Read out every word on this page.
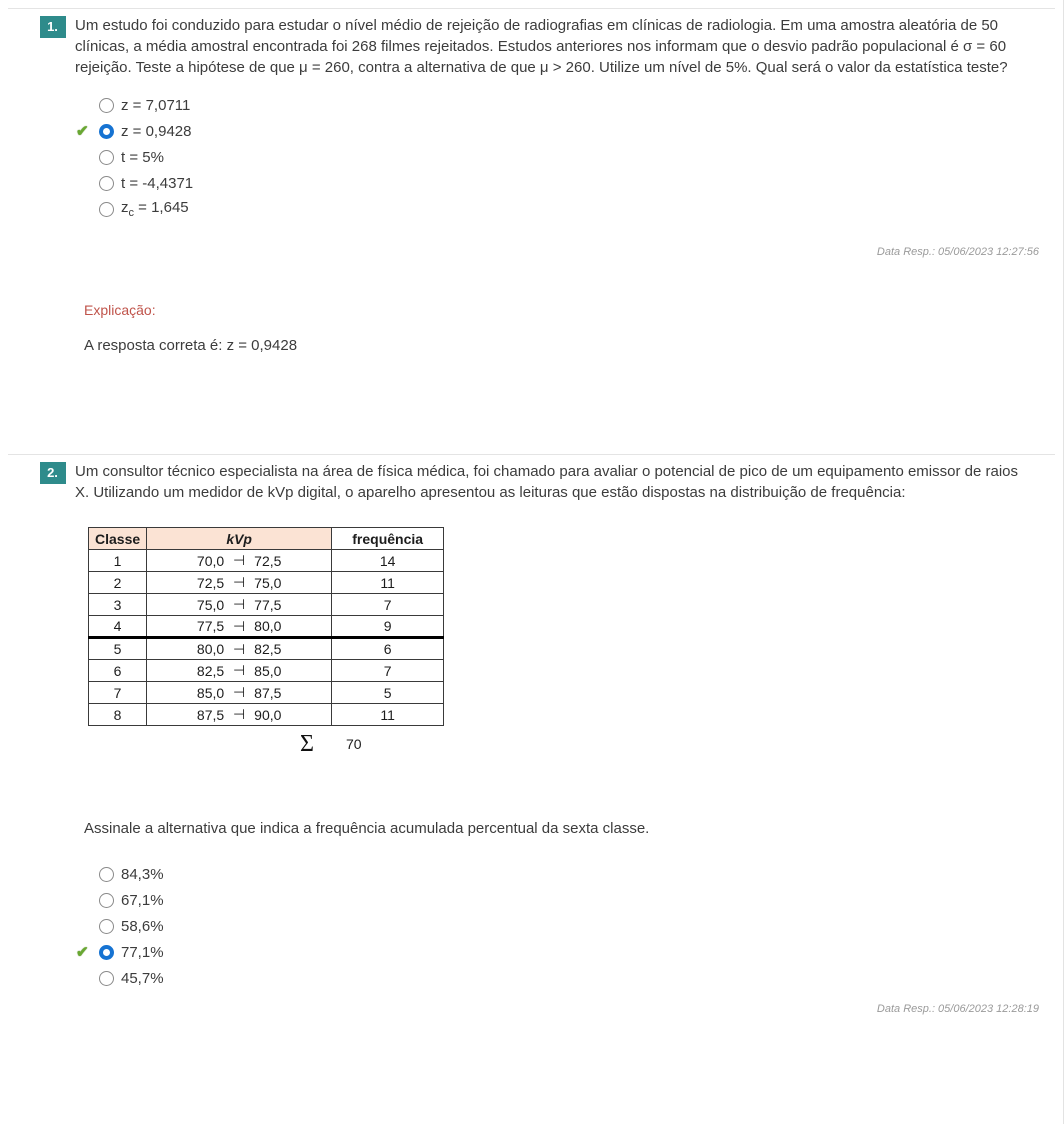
1.	Um estudo foi conduzido para estudar o nível médio de rejeição de radiografias em clínicas de radiologia. Em uma amostra aleatória de 50 clínicas, a média amostral encontrada foi 268 filmes rejeitados. Estudos anteriores nos informam que o desvio padrão populacional é σ = 60 rejeição. Teste a hipótese de que μ = 260, contra a alternativa de que μ > 260. Utilize um nível de 5%. Qual será o valor da estatística teste?

z = 7,0711
✔ z = 0,9428
t = 5%
t = -4,4371
$z_c = 1,645$
Data Resp.: 05/06/2023 12:27:56
Explicação:
A resposta correta é: z = 0,9428
2.	Um consultor técnico especialista na área de física médica, foi chamado para avaliar o potencial de pico de um equipamento emissor de raios X. Utilizando um medidor de kVp digital, o aparelho apresentou as leituras que estão dispostas na distribuição de frequência:

Classe	kVp	frequência
1	70,0 ⊣ 72,5	14
2	72,5 ⊣ 75,0	11
3	75,0 ⊣ 77,5	7
4	77,5 ⊣ 80,0	9
5	80,0 ⊣ 82,5	6
6	82,5 ⊣ 85,0	7
7	85,0 ⊣ 87,5	5
8	87,5 ⊣ 90,0	11
Σ 70

Assinale a alternativa que indica a frequência acumulada percentual da sexta classe.

84,3%
67,1%
58,6%
✔ 77,1%
45,7%
Data Resp.: 05/06/2023 12:28:19
